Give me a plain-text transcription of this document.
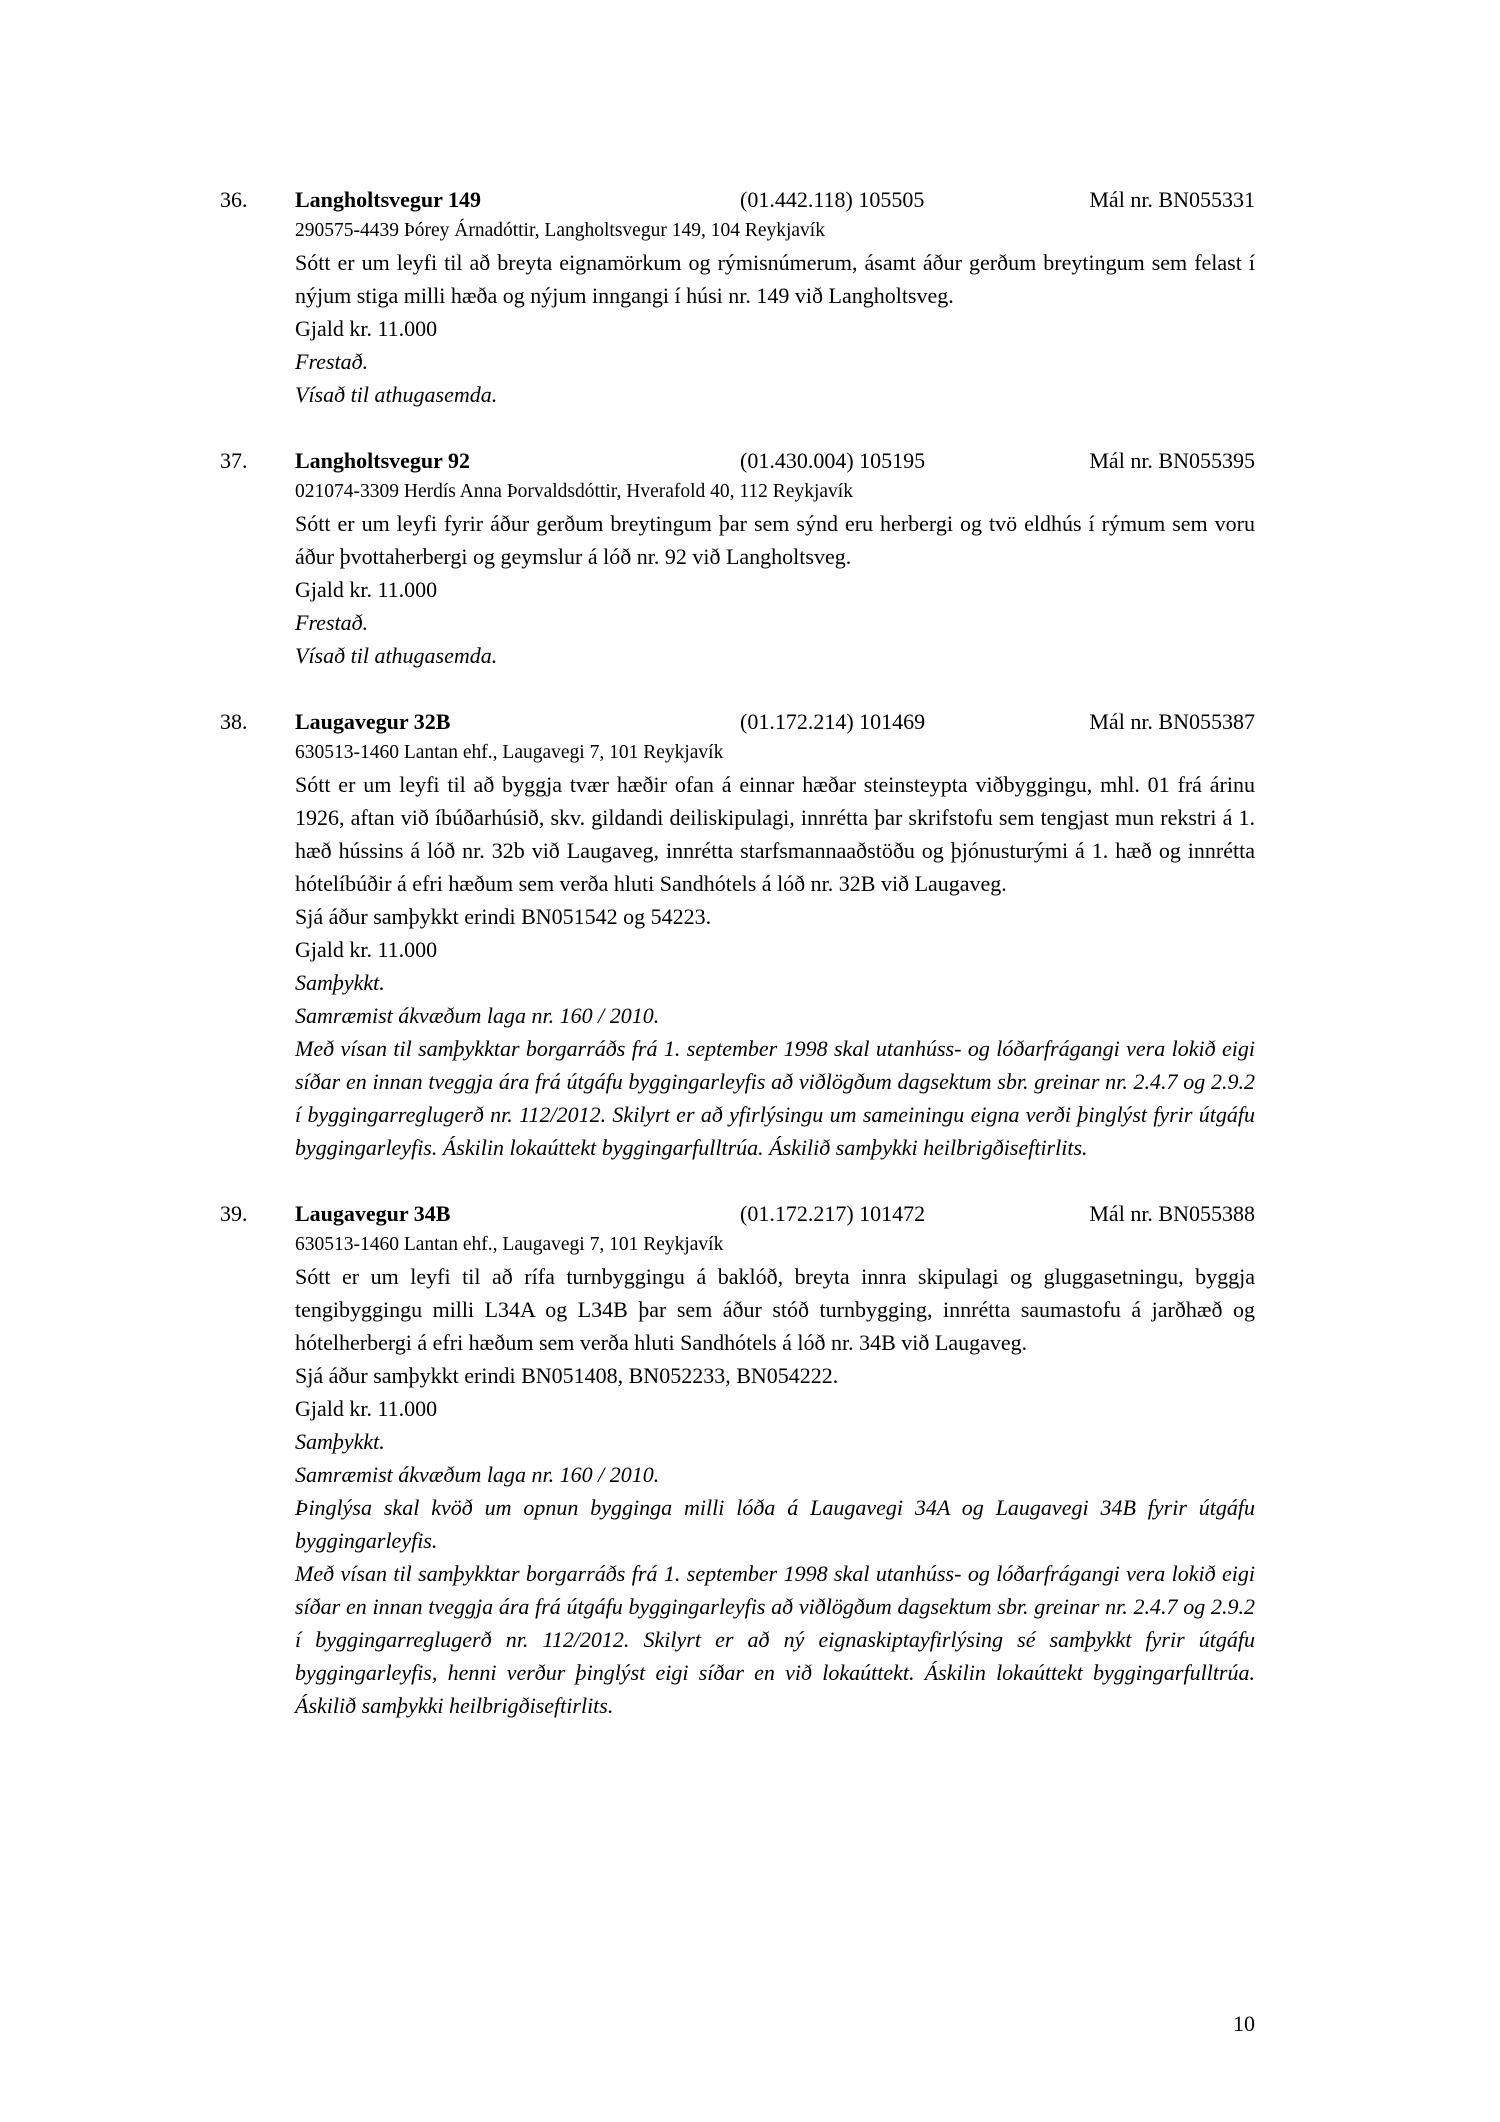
36.	Langholtsvegur 149	(01.442.118) 105505	Mál nr. BN055331

290575-4439 Þórey Árnadóttir, Langholtsvegur 149, 104 Reykjavík

Sótt er um leyfi til að breyta eignamörkum og rýmisnúmerum, ásamt áður gerðum breytingum sem felast í nýjum stiga milli hæða og nýjum inngangi í húsi nr. 149 við Langholtsveg.

Gjald kr. 11.000

Frestað.

Vísað til athugasemda.

37.	Langholtsvegur 92	(01.430.004) 105195	Mál nr. BN055395

021074-3309 Herdís Anna Þorvaldsdóttir, Hverafold 40, 112 Reykjavík

Sótt er um leyfi fyrir áður gerðum breytingum þar sem sýnd eru herbergi og tvö eldhús í rýmum sem voru áður þvottaherbergi og geymslur á lóð nr. 92 við Langholtsveg.

Gjald kr. 11.000

Frestað.

Vísað til athugasemda.

38.	Laugavegur 32B	(01.172.214) 101469	Mál nr. BN055387

630513-1460 Lantan ehf., Laugavegi 7, 101 Reykjavík

Sótt er um leyfi til að byggja tvær hæðir ofan á einnar hæðar steinsteypta viðbyggingu, mhl. 01 frá árinu 1926, aftan við íbúðarhúsið, skv. gildandi deiliskipulagi, innrétta þar skrifstofu sem tengjast mun rekstri á 1. hæð hússins á lóð nr. 32b við Laugaveg, innrétta starfsmannaaðstöðu og þjónusturými á 1. hæð og innrétta hótelíbúðir á efri hæðum sem verða hluti Sandhótels á lóð nr. 32B við Laugaveg.

Sjá áður samþykkt erindi BN051542 og 54223.

Gjald kr. 11.000

Samþykkt.

Samræmist ákvæðum laga nr. 160 / 2010.

Með vísan til samþykktar borgarráðs frá 1. september 1998 skal utanhúss- og lóðarfrágangi vera lokið eigi síðar en innan tveggja ára frá útgáfu byggingarleyfis að viðlögðum dagsektum sbr. greinar nr. 2.4.7 og 2.9.2 í byggingarreglugerð nr. 112/2012. Skilyrt er að yfirlýsingu um sameiningu eigna verði þinglýst fyrir útgáfu byggingarleyfis. Áskilin lokaúttekt byggingarfulltrúa. Áskilið samþykki heilbrigðiseftirlits.

39.	Laugavegur 34B	(01.172.217) 101472	Mál nr. BN055388

630513-1460 Lantan ehf., Laugavegi 7, 101 Reykjavík

Sótt er um leyfi til að rífa turnbyggingu á baklóð, breyta innra skipulagi og gluggasetningu, byggja tengibyggingu milli L34A og L34B þar sem áður stóð turnbygging, innrétta saumastofu á jarðhæð og hótelherbergi á efri hæðum sem verða hluti Sandhótels á lóð nr. 34B við Laugaveg.

Sjá áður samþykkt erindi BN051408, BN052233, BN054222.

Gjald kr. 11.000

Samþykkt.

Samræmist ákvæðum laga nr. 160 / 2010.

Þinglýsa skal kvöð um opnun bygginga milli lóða á Laugavegi 34A og Laugavegi 34B fyrir útgáfu byggingarleyfis.

Með vísan til samþykktar borgarráðs frá 1. september 1998 skal utanhúss- og lóðarfrágangi vera lokið eigi síðar en innan tveggja ára frá útgáfu byggingarleyfis að viðlögðum dagsektum sbr. greinar nr. 2.4.7 og 2.9.2 í byggingarreglugerð nr. 112/2012. Skilyrt er að ný eignaskiptayfirlýsing sé samþykkt fyrir útgáfu byggingarleyfis, henni verður þinglýst eigi síðar en við lokaúttekt. Áskilin lokaúttekt byggingarfulltrúa. Áskilið samþykki heilbrigðiseftirlits.

10
